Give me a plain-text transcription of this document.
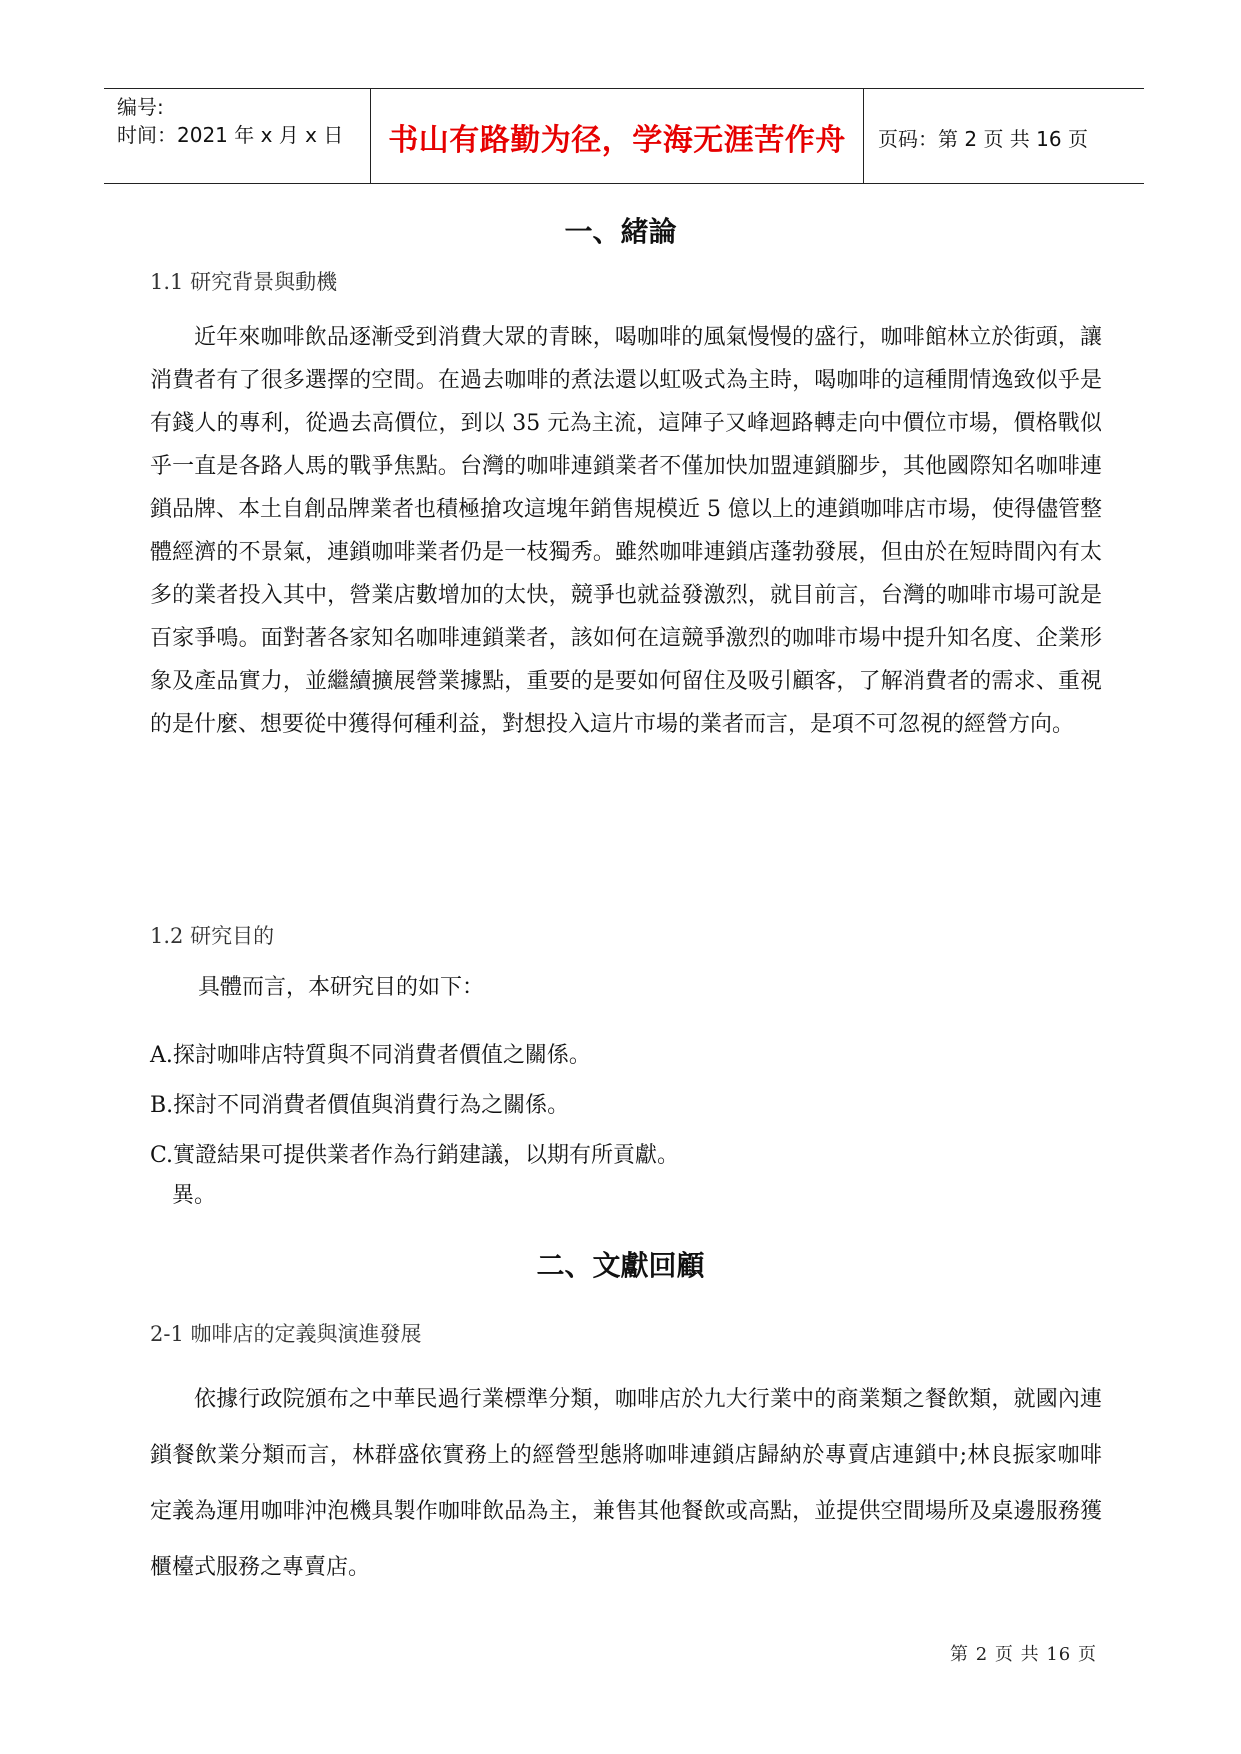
编号:
时间：2021 年 x 月 x 日	书山有路勤为径，学海无涯苦作舟	页码：第 2 页 共 16 页
一、緒論
1.1 研究背景與動機

近年來咖啡飲品逐漸受到消費大眾的青睞，喝咖啡的風氣慢慢的盛行，咖啡館林立於街頭，讓消費者有了很多選擇的空間。在過去咖啡的煮法還以虹吸式為主時，喝咖啡的這種閒情逸致似乎是有錢人的專利，從過去高價位，到以 35 元為主流，這陣子又峰迴路轉走向中價位市場，價格戰似乎一直是各路人馬的戰爭焦點。台灣的咖啡連鎖業者不僅加快加盟連鎖腳步，其他國際知名咖啡連鎖品牌、本土自創品牌業者也積極搶攻這塊年銷售規模近 5 億以上的連鎖咖啡店市場，使得儘管整體經濟的不景氣，連鎖咖啡業者仍是一枝獨秀。雖然咖啡連鎖店蓬勃發展，但由於在短時間內有太多的業者投入其中，營業店數增加的太快，競爭也就益發激烈，就目前言，台灣的咖啡市場可說是百家爭鳴。面對著各家知名咖啡連鎖業者，該如何在這競爭激烈的咖啡市場中提升知名度、企業形象及產品實力，並繼續擴展營業據點，重要的是要如何留住及吸引顧客，了解消費者的需求、重視的是什麼、想要從中獲得何種利益，對想投入這片市場的業者而言，是項不可忽視的經營方向。

1.2 研究目的

具體而言，本研究目的如下：

A.探討咖啡店特質與不同消費者價值之關係。

B.探討不同消費者價值與消費行為之關係。

C.實證結果可提供業者作為行銷建議，以期有所貢獻。

異。

二、文獻回顧
2-1 咖啡店的定義與演進發展

依據行政院頒布之中華民過行業標準分類，咖啡店於九大行業中的商業類之餐飲類，就國內連鎖餐飲業分類而言，林群盛依實務上的經營型態將咖啡連鎖店歸納於專賣店連鎖中;林良振家咖啡定義為運用咖啡沖泡機具製作咖啡飲品為主，兼售其他餐飲或高點，並提供空間場所及桌邊服務獲櫃檯式服務之專賣店。

第 2 页 共 16 页
